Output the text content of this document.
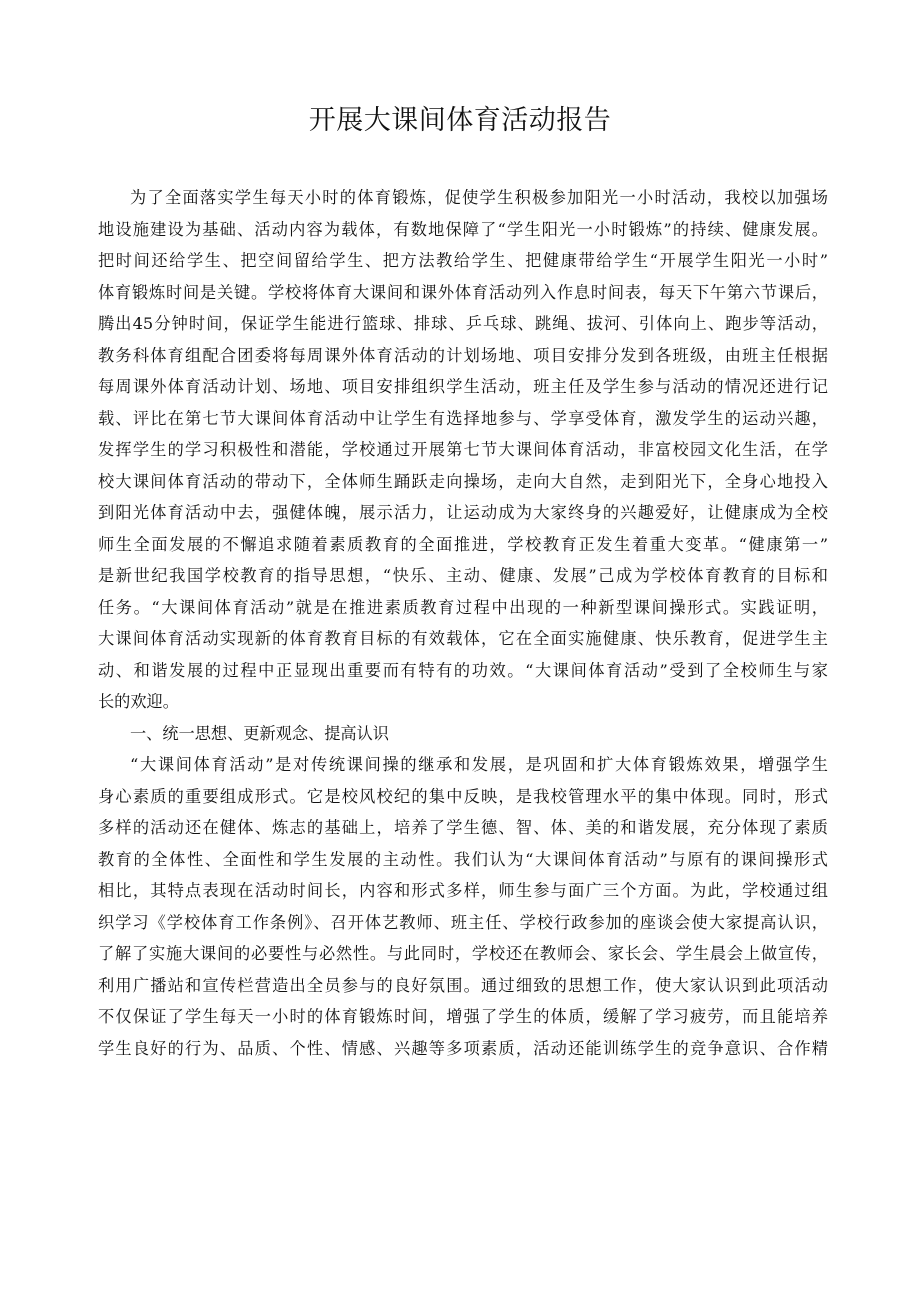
开展大课间体育活动报告
为了全面落实学生每天小时的体育锻炼，促使学生积极参加阳光一小时活动，我校以加强场
地设施建设为基础、活动内容为载体，有数地保障了“学生阳光一小时锻炼”的持续、健康发展。
把时间还给学生、把空间留给学生、把方法教给学生、把健康带给学生“开展学生阳光一小时”
体育锻炼时间是关键。学校将体育大课间和课外体育活动列入作息时间表，每天下午第六节课后，
腾出45分钟时间，保证学生能进行篮球、排球、乒乓球、跳绳、拔河、引体向上、跑步等活动，
教务科体育组配合团委将每周课外体育活动的计划场地、项目安排分发到各班级，由班主任根据
每周课外体育活动计划、场地、项目安排组织学生活动，班主任及学生参与活动的情况还进行记
载、评比在第七节大课间体育活动中让学生有选择地参与、学享受体育，激发学生的运动兴趣，
发挥学生的学习积极性和潜能，学校通过开展第七节大课间体育活动，非富校园文化生活，在学
校大课间体育活动的带动下，全体师生踊跃走向操场，走向大自然，走到阳光下，全身心地投入
到阳光体育活动中去，强健体魄，展示活力，让运动成为大家终身的兴趣爱好，让健康成为全校
师生全面发展的不懈追求随着素质教育的全面推进，学校教育正发生着重大变革。“健康第一”
是新世纪我国学校教育的指导思想，“快乐、主动、健康、发展”己成为学校体育教育的目标和
任务。“大课间体育活动”就是在推进素质教育过程中出现的一种新型课间操形式。实践证明，
大课间体育活动实现新的体育教育目标的有效载体，它在全面实施健康、快乐教育，促进学生主
动、和谐发展的过程中正显现出重要而有特有的功效。“大课间体育活动”受到了全校师生与家
长的欢迎。
一、统一思想、更新观念、提高认识
“大课间体育活动”是对传统课间操的继承和发展，是巩固和扩大体育锻炼效果，增强学生
身心素质的重要组成形式。它是校风校纪的集中反映，是我校管理水平的集中体现。同时，形式
多样的活动还在健体、炼志的基础上，培养了学生德、智、体、美的和谐发展，充分体现了素质
教育的全体性、全面性和学生发展的主动性。我们认为“大课间体育活动”与原有的课间操形式
相比，其特点表现在活动时间长，内容和形式多样，师生参与面广三个方面。为此，学校通过组
织学习《学校体育工作条例》、召开体艺教师、班主任、学校行政参加的座谈会使大家提高认识，
了解了实施大课间的必要性与必然性。与此同时，学校还在教师会、家长会、学生晨会上做宣传，
利用广播站和宣传栏营造出全员参与的良好氛围。通过细致的思想工作，使大家认识到此项活动
不仅保证了学生每天一小时的体育锻炼时间，增强了学生的体质，缓解了学习疲劳，而且能培养
学生良好的行为、品质、个性、情感、兴趣等多项素质，活动还能训练学生的竞争意识、合作精
